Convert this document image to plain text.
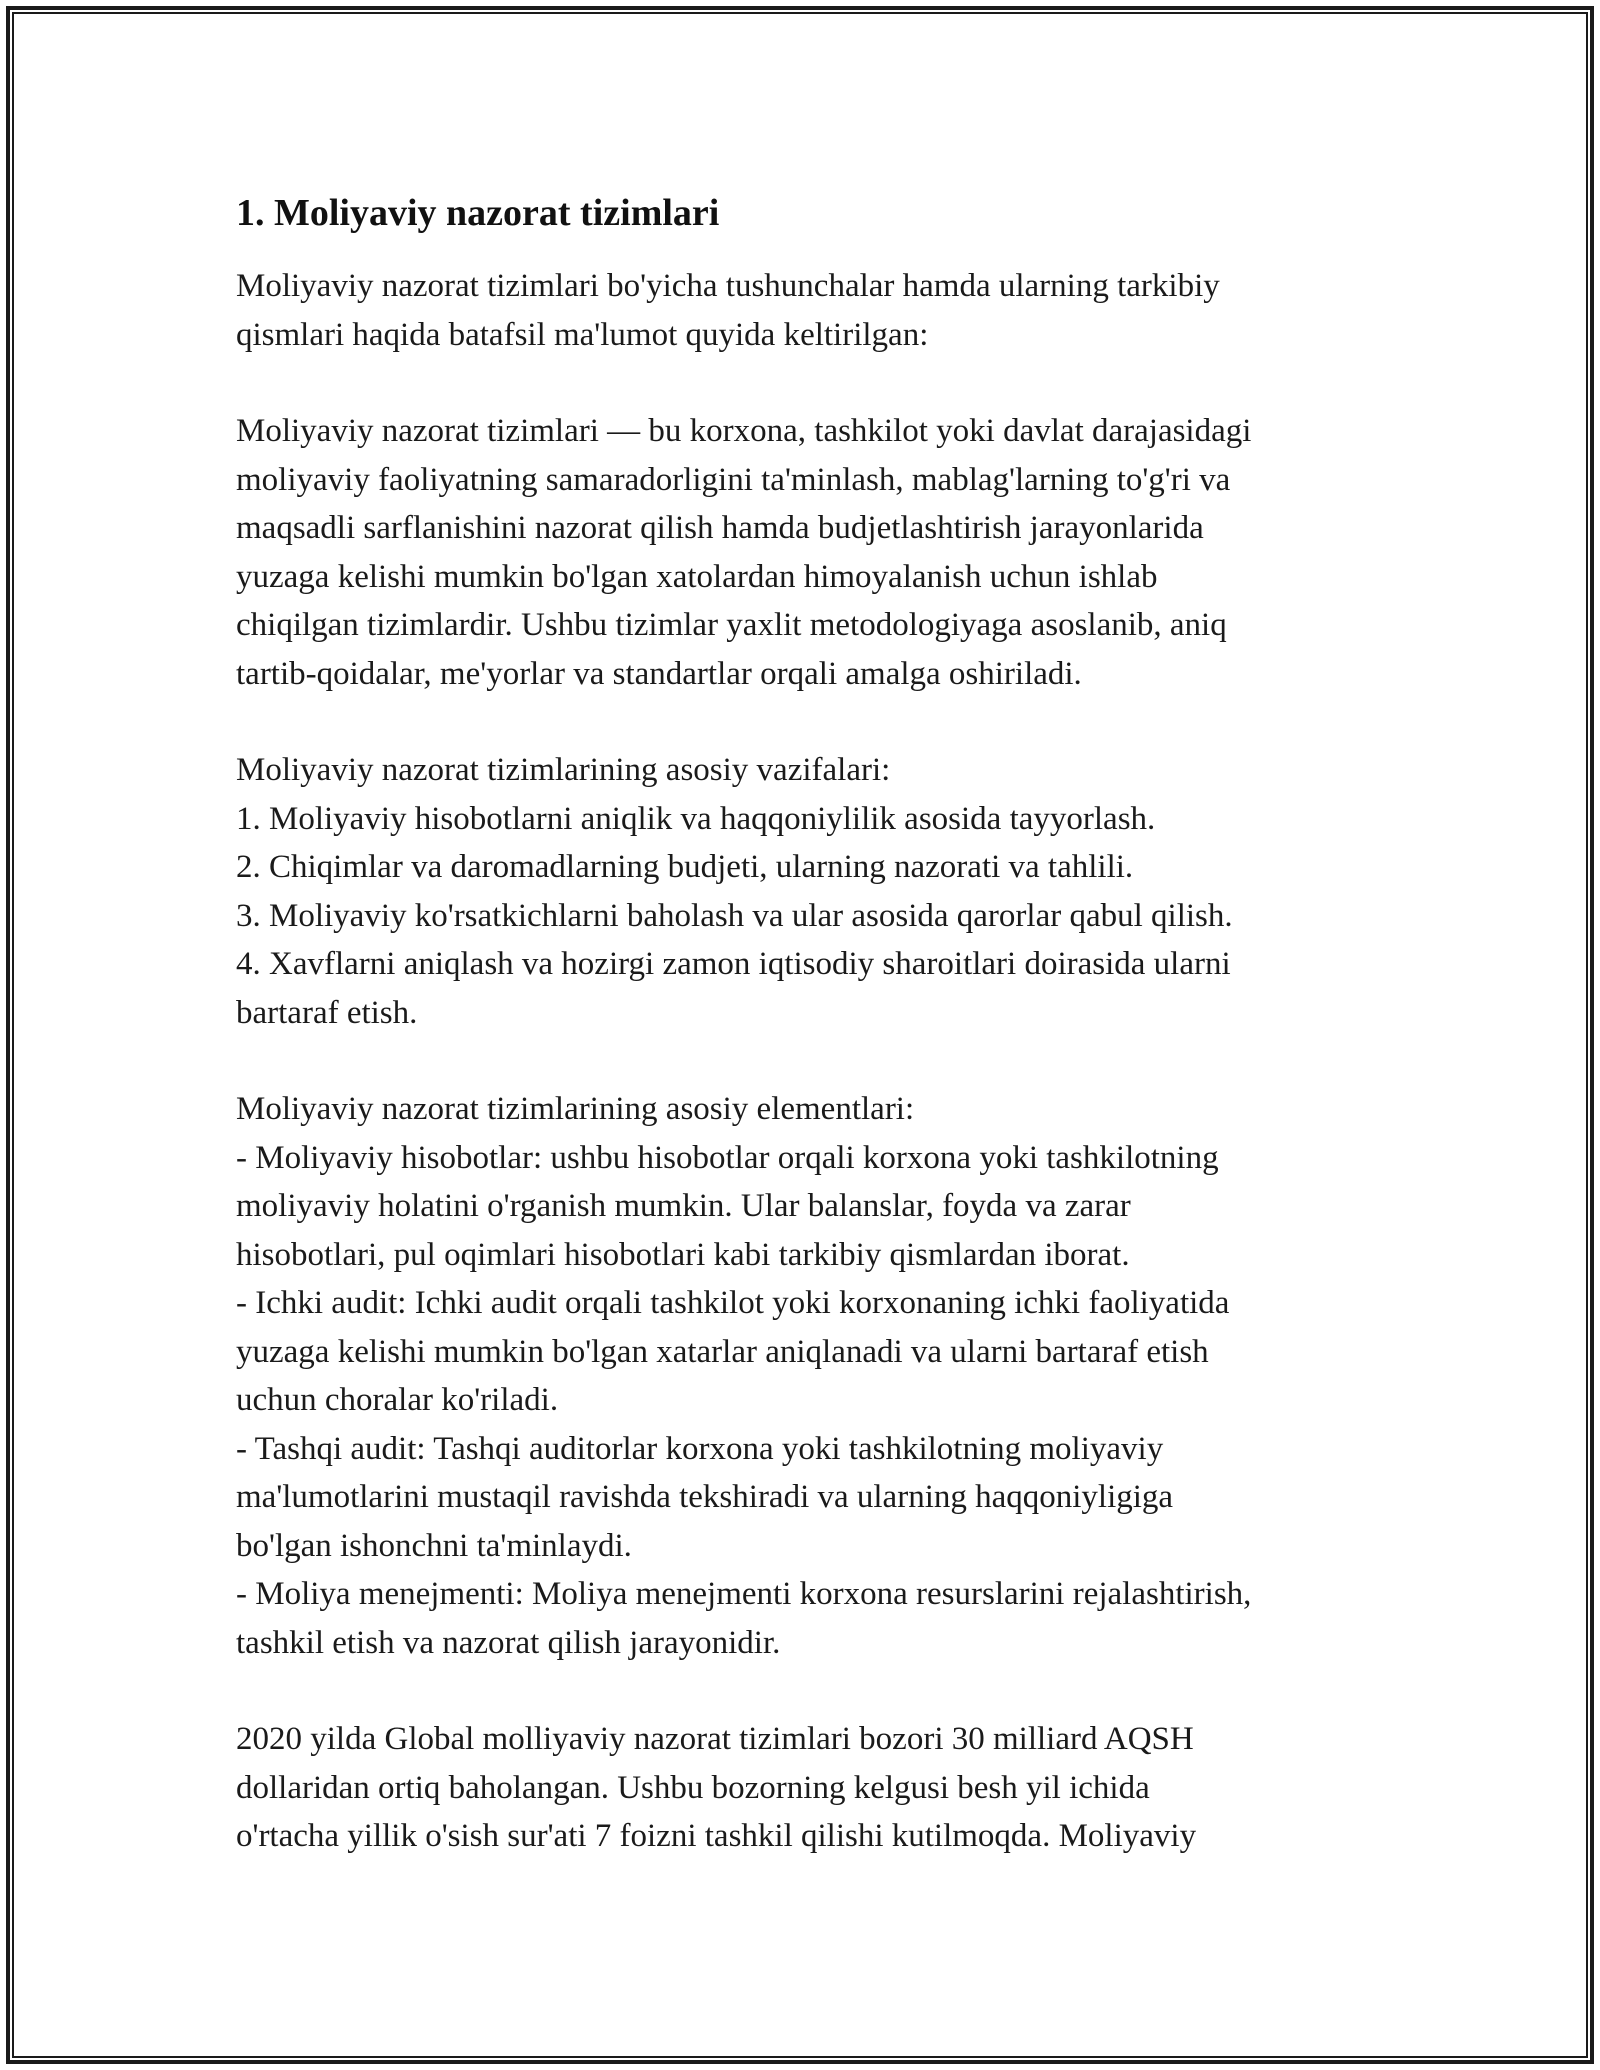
1. Moliyaviy nazorat tizimlari

Moliyaviy nazorat tizimlari bo'yicha tushunchalar hamda ularning tarkibiy

qismlari haqida batafsil ma'lumot quyida keltirilgan:

Moliyaviy nazorat tizimlari — bu korxona, tashkilot yoki davlat darajasidagi

moliyaviy faoliyatning samaradorligini ta'minlash, mablag'larning to'g'ri va

maqsadli sarflanishini nazorat qilish hamda budjetlashtirish jarayonlarida

yuzaga kelishi mumkin bo'lgan xatolardan himoyalanish uchun ishlab

chiqilgan tizimlardir. Ushbu tizimlar yaxlit metodologiyaga asoslanib, aniq

tartib-qoidalar, me'yorlar va standartlar orqali amalga oshiriladi.

Moliyaviy nazorat tizimlarining asosiy vazifalari:

1. Moliyaviy hisobotlarni aniqlik va haqqoniylilik asosida tayyorlash.

2. Chiqimlar va daromadlarning budjeti, ularning nazorati va tahlili.

3. Moliyaviy ko'rsatkichlarni baholash va ular asosida qarorlar qabul qilish.

4. Xavflarni aniqlash va hozirgi zamon iqtisodiy sharoitlari doirasida ularni

bartaraf etish.

Moliyaviy nazorat tizimlarining asosiy elementlari:

- Moliyaviy hisobotlar: ushbu hisobotlar orqali korxona yoki tashkilotning

moliyaviy holatini o'rganish mumkin. Ular balanslar, foyda va zarar

hisobotlari, pul oqimlari hisobotlari kabi tarkibiy qismlardan iborat.

- Ichki audit: Ichki audit orqali tashkilot yoki korxonaning ichki faoliyatida

yuzaga kelishi mumkin bo'lgan xatarlar aniqlanadi va ularni bartaraf etish

uchun choralar ko'riladi.

- Tashqi audit: Tashqi auditorlar korxona yoki tashkilotning moliyaviy

ma'lumotlarini mustaqil ravishda tekshiradi va ularning haqqoniyligiga

bo'lgan ishonchni ta'minlaydi.

- Moliya menejmenti: Moliya menejmenti korxona resurslarini rejalashtirish,

tashkil etish va nazorat qilish jarayonidir.

2020 yilda Global molliyaviy nazorat tizimlari bozori 30 milliard AQSH

dollaridan ortiq baholangan. Ushbu bozorning kelgusi besh yil ichida

o'rtacha yillik o'sish sur'ati 7 foizni tashkil qilishi kutilmoqda. Moliyaviy
